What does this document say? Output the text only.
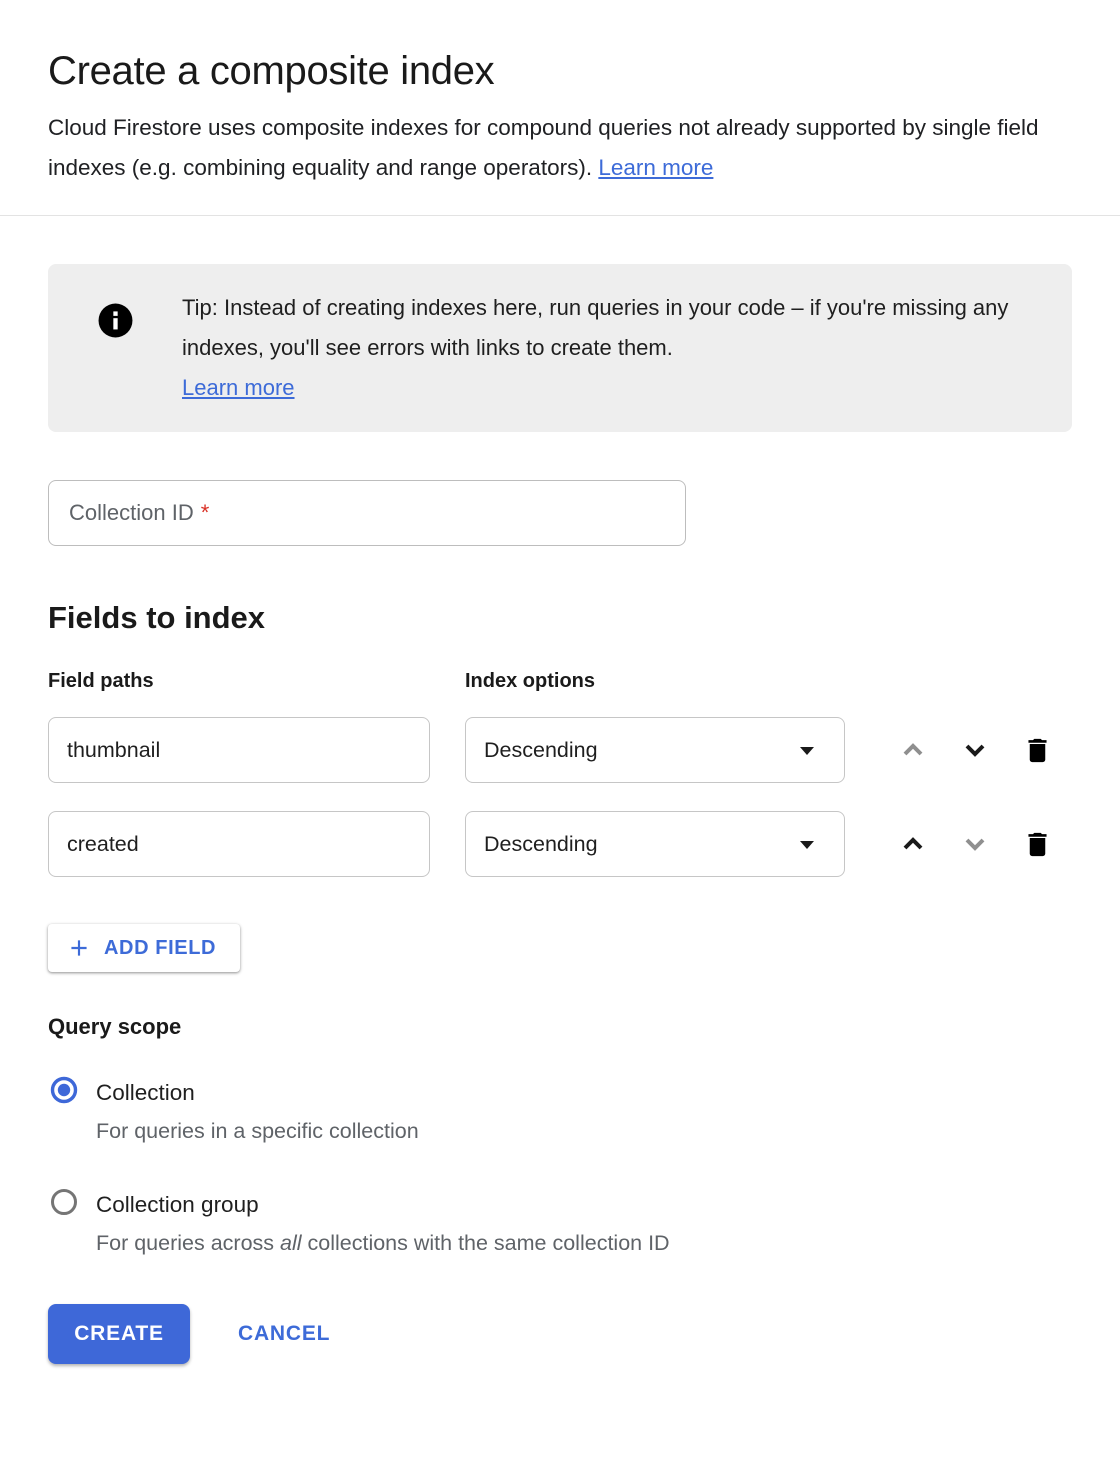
Create a composite index

Cloud Firestore uses composite indexes for compound queries not already supported by single field indexes (e.g. combining equality and range operators). Learn more

Tip: Instead of creating indexes here, run queries in your code – if you're missing any indexes, you'll see errors with links to create them.
Learn more
Collection ID *
Fields to index
Field paths	Index options
thumbnail
Descending
created
Descending
ADD FIELD
Query scope
Collection
For queries in a specific collection
Collection group
For queries across all collections with the same collection ID
CREATE	CANCEL
